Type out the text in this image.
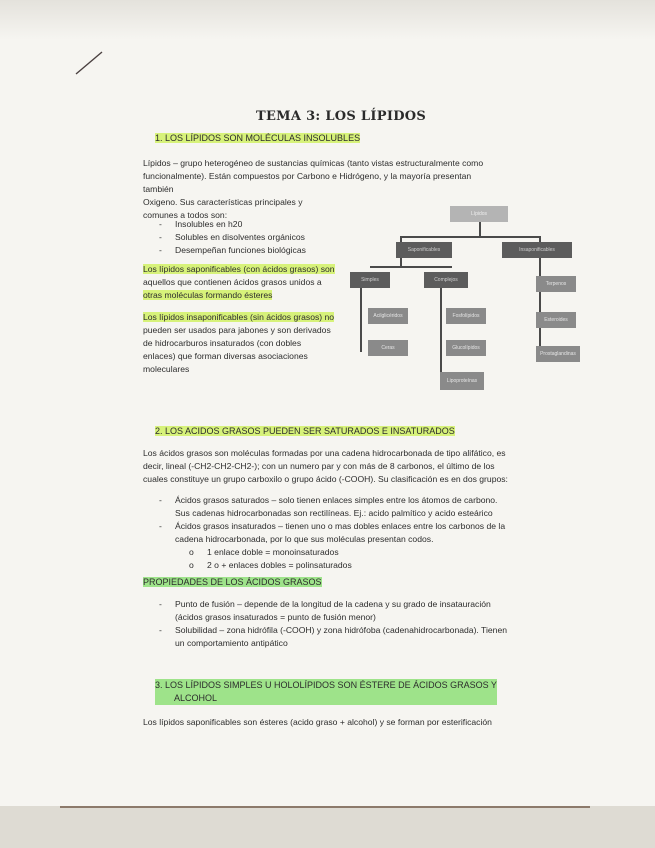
TEMA 3: LOS LÍPIDOS
1. LOS LÍPIDOS SON MOLÉCULAS INSOLUBLES
Lípidos – grupo heterogéneo de sustancias químicas (tanto vistas estructuralmente como
funcionalmente). Están compuestos por Carbono e Hidrógeno, y la mayoría presentan también
Oxigeno. Sus características principales y
comunes a todos son:
- Insolubles en h20
- Solubles en disolventes orgánicos
- Desempeñan funciones biológicas
Los lípidos saponificables (con ácidos grasos) son
aquellos que contienen ácidos grasos unidos a
otras moléculas formando ésteres
Los lípidos insaponificables (sin ácidos grasos) no
pueden ser usados para jabones y son derivados
de hidrocarburos insaturados (con dobles
enlaces) que forman diversas asociaciones
moleculares
Lípidos
Saponificables	Insaponificables
Simples	Complejos
Acilglicéridos
Ceras
Fosfolípidos
Glucolípidos
Lipoproteínas
Terpenos
Esteroides
Prostaglandinas
2. LOS ACIDOS GRASOS PUEDEN SER SATURADOS E INSATURADOS
Los ácidos grasos son moléculas formadas por una cadena hidrocarbonada de tipo alifático, es
decir, lineal (-CH2-CH2-CH2-); con un numero par y con más de 8 carbonos, el último de los
cuales constituye un grupo carboxilo o grupo ácido (-COOH). Su clasificación es en dos grupos:
- Ácidos grasos saturados – solo tienen enlaces simples entre los átomos de carbono.
Sus cadenas hidrocarbonadas son rectilíneas. Ej.: acido palmítico y acido esteárico
- Ácidos grasos insaturados – tienen uno o mas dobles enlaces entre los carbonos de la
cadena hidrocarbonada, por lo que sus moléculas presentan codos.
o 1 enlace doble = monoinsaturados
o 2 o + enlaces dobles = polinsaturados
PROPIEDADES DE LOS ÁCIDOS GRASOS
- Punto de fusión – depende de la longitud de la cadena y su grado de insatauración
(ácidos grasos insaturados = punto de fusión menor)
- Solubilidad – zona hidrófila (-COOH) y zona hidrófoba (cadenahidrocarbonada). Tienen
un comportamiento antipático
3. LOS LÍPIDOS SIMPLES U HOLOLÍPIDOS SON ÉSTERE DE ÁCIDOS GRASOS Y
ALCOHOL
Los lípidos saponificables son ésteres (acido graso + alcohol) y se forman por esterificación
